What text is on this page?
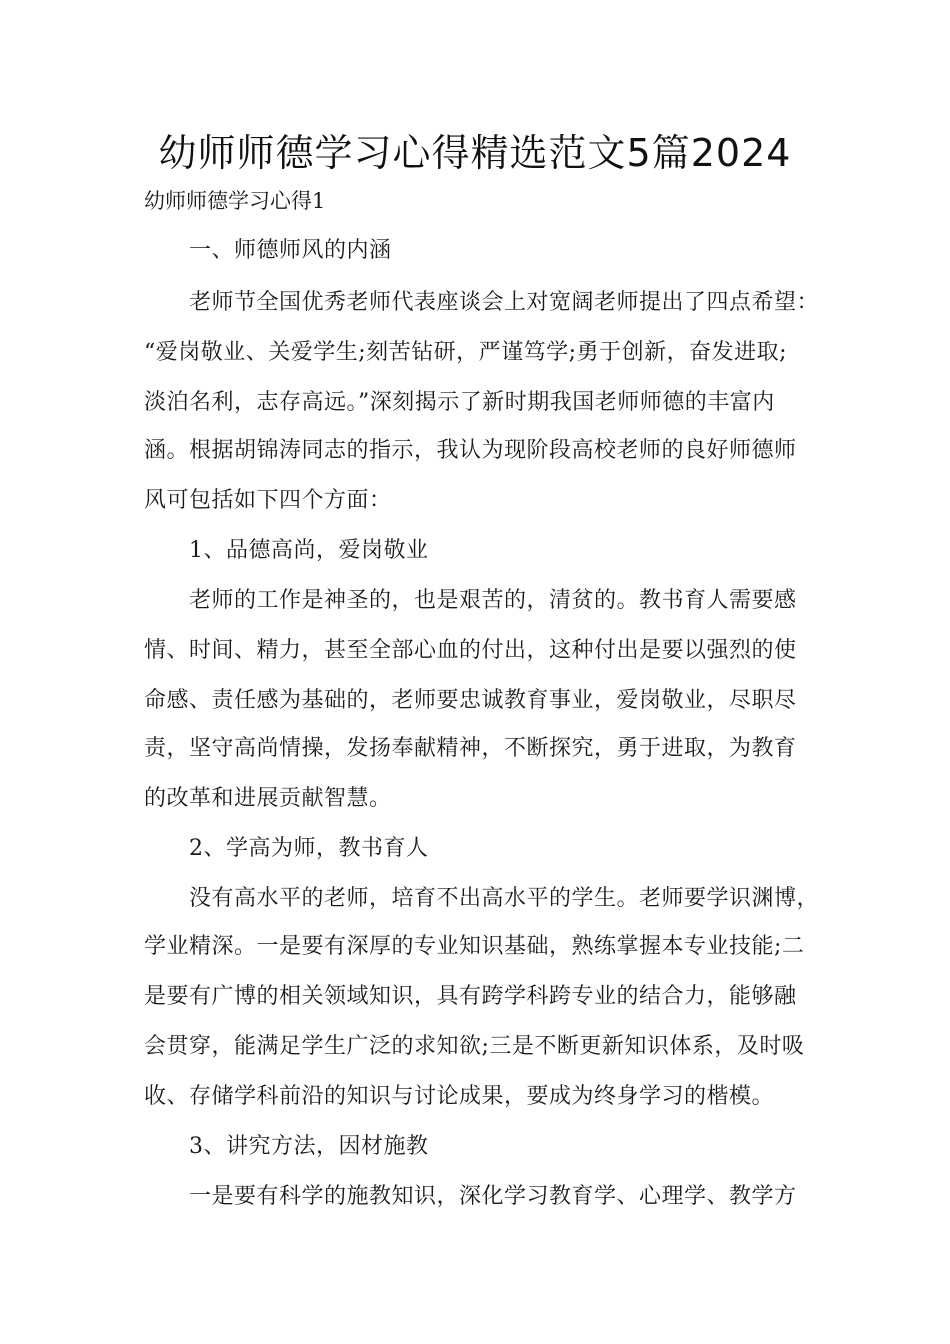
幼师师德学习心得精选范文5篇2024
幼师师德学习心得1
一、师德师风的内涵
老师节全国优秀老师代表座谈会上对宽阔老师提出了四点希望：
“爱岗敬业、关爱学生;刻苦钻研，严谨笃学;勇于创新，奋发进取;
淡泊名利，志存高远。”深刻揭示了新时期我国老师师德的丰富内
涵。根据胡锦涛同志的指示，我认为现阶段高校老师的良好师德师
风可包括如下四个方面：
1、品德高尚，爱岗敬业
老师的工作是神圣的，也是艰苦的，清贫的。教书育人需要感
情、时间、精力，甚至全部心血的付出，这种付出是要以强烈的使
命感、责任感为基础的，老师要忠诚教育事业，爱岗敬业，尽职尽
责，坚守高尚情操，发扬奉献精神，不断探究，勇于进取，为教育
的改革和进展贡献智慧。
2、学高为师，教书育人
没有高水平的老师，培育不出高水平的学生。老师要学识渊博，
学业精深。一是要有深厚的专业知识基础，熟练掌握本专业技能;二
是要有广博的相关领域知识，具有跨学科跨专业的结合力，能够融
会贯穿，能满足学生广泛的求知欲;三是不断更新知识体系，及时吸
收、存储学科前沿的知识与讨论成果，要成为终身学习的楷模。
3、讲究方法，因材施教
一是要有科学的施教知识，深化学习教育学、心理学、教学方
